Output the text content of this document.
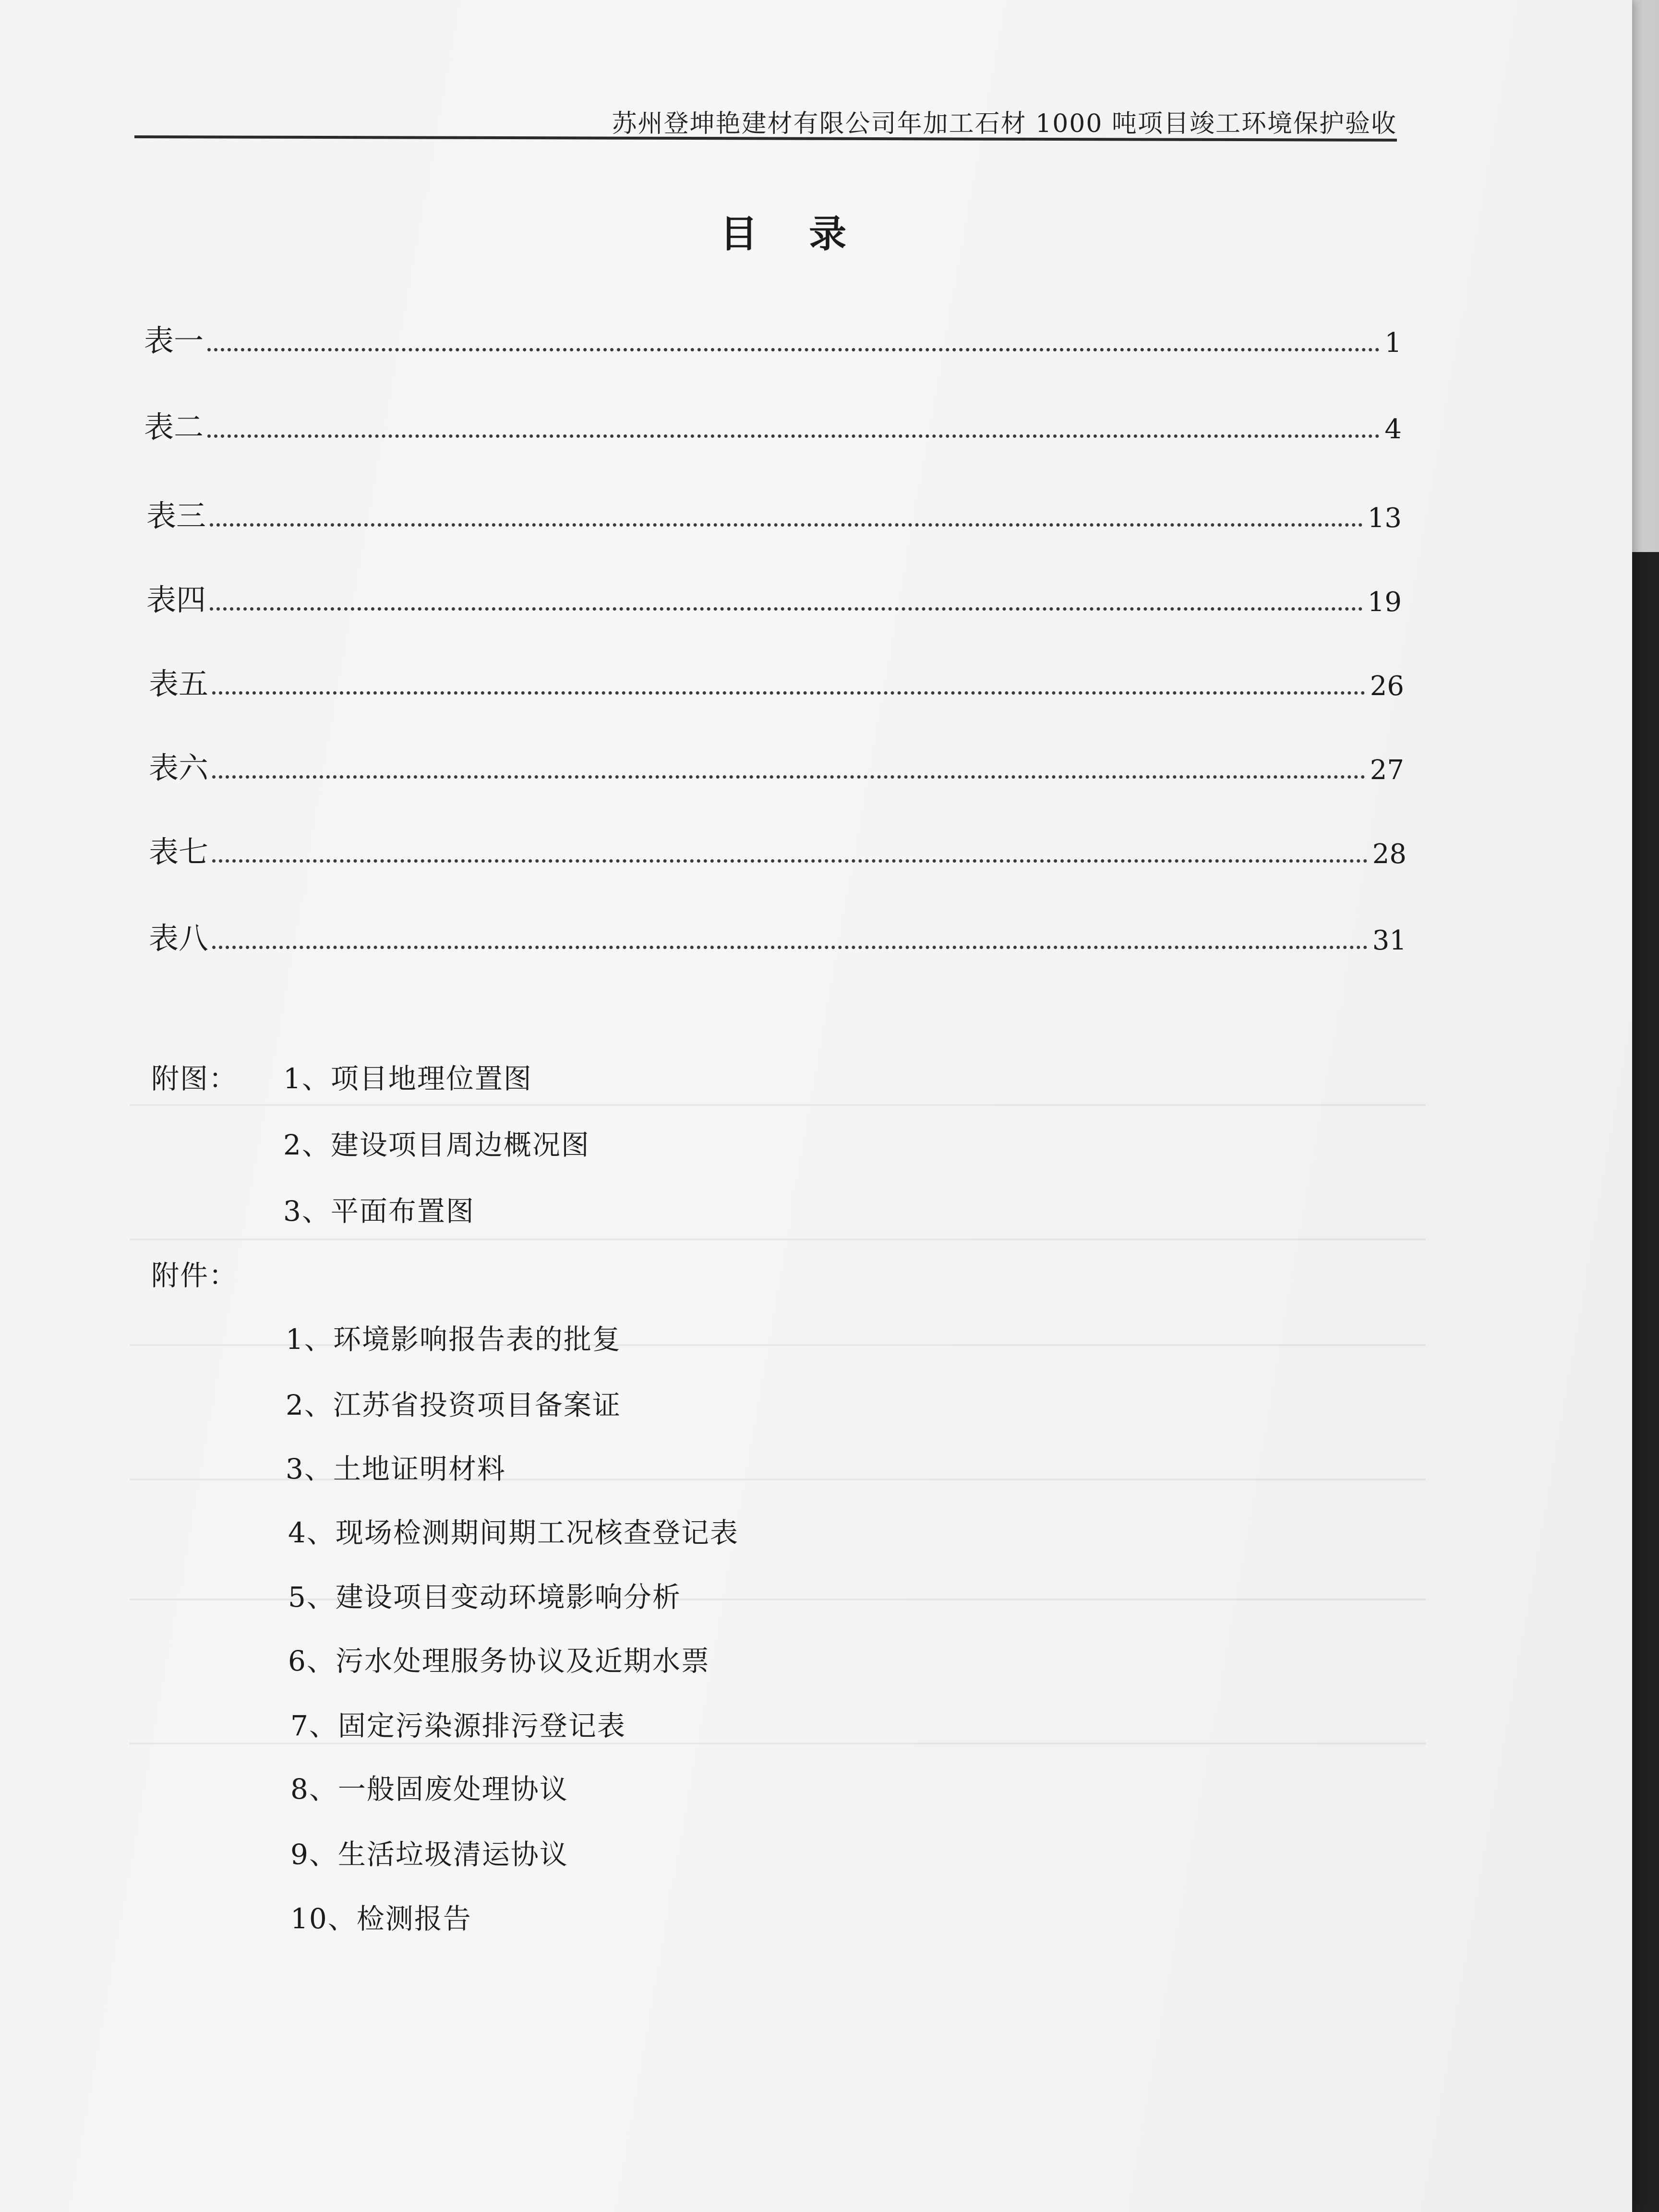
苏州登坤艳建材有限公司年加工石材 1000 吨项目竣工环境保护验收
目 录
表一	1
表二	4
表三	13
表四	19
表五	26
表六	27
表七	28
表八	31
附图： 1、项目地理位置图
2、建设项目周边概况图
3、平面布置图
附件：
1、环境影响报告表的批复
2、江苏省投资项目备案证
3、土地证明材料
4、现场检测期间期工况核查登记表
5、建设项目变动环境影响分析
6、污水处理服务协议及近期水票
7、固定污染源排污登记表
8、一般固废处理协议
9、生活垃圾清运协议
10、检测报告
